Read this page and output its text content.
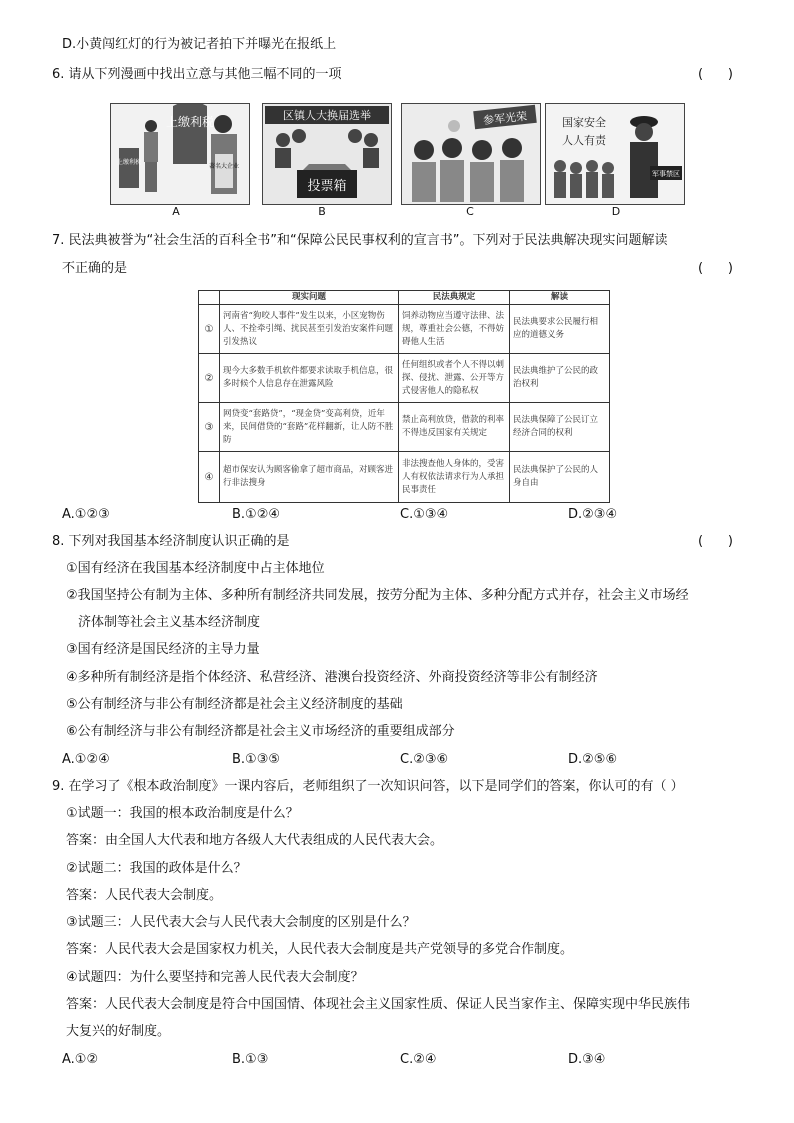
D.小黄闯红灯的行为被记者拍下并曝光在报纸上
6. 请从下列漫画中找出立意与其他三幅不同的一项	(      )
上缴利税
上缴利税
著名大企业
A
区镇人大换届选举
投票箱
B
参军光荣
C
国家安全
人人有责
军事禁区
D
7. 民法典被誉为“社会生活的百科全书”和“保障公民民事权利的宣言书”。下列对于民法典解决现实问题解读
不正确的是	(      )
	现实问题	民法典规定	解读
①	河南省“狗咬人事件”发生以来，小区宠物伤人、不拴牵引绳、扰民甚至引发治安案件问题引发热议	饲养动物应当遵守法律、法规，尊重社会公德，不得妨碍他人生活	民法典要求公民履行相应的道德义务
②	现今大多数手机软件都要求读取手机信息，很多时候个人信息存在泄露风险	任何组织或者个人不得以刺探、侵扰、泄露、公开等方式侵害他人的隐私权	民法典维护了公民的政治权利
③	网贷变“套路贷”，“现金贷”变高利贷，近年来，民间借贷的“套路”花样翻新，让人防不胜防	禁止高利放贷，借款的利率不得违反国家有关规定	民法典保障了公民订立经济合同的权利
④	超市保安认为顾客偷拿了超市商品，对顾客进行非法搜身	非法搜查他人身体的，受害人有权依法请求行为人承担民事责任	民法典保护了公民的人身自由
A.①②③	B.①②④	C.①③④	D.②③④
8. 下列对我国基本经济制度认识正确的是	(      )
①国有经济在我国基本经济制度中占主体地位
②我国坚持公有制为主体、多种所有制经济共同发展，按劳分配为主体、多种分配方式并存，社会主义市场经
济体制等社会主义基本经济制度
③国有经济是国民经济的主导力量
④多种所有制经济是指个体经济、私营经济、港澳台投资经济、外商投资经济等非公有制经济
⑤公有制经济与非公有制经济都是社会主义经济制度的基础
⑥公有制经济与非公有制经济都是社会主义市场经济的重要组成部分
A.①②④	B.①③⑤	C.②③⑥	D.②⑤⑥
9. 在学习了《根本政治制度》一课内容后，老师组织了一次知识问答，以下是同学们的答案，你认可的有（ ）
①试题一：我国的根本政治制度是什么？
答案：由全国人大代表和地方各级人大代表组成的人民代表大会。
②试题二：我国的政体是什么？
答案：人民代表大会制度。
③试题三：人民代表大会与人民代表大会制度的区别是什么？
答案：人民代表大会是国家权力机关，人民代表大会制度是共产党领导的多党合作制度。
④试题四：为什么要坚持和完善人民代表大会制度？
答案：人民代表大会制度是符合中国国情、体现社会主义国家性质、保证人民当家作主、保障实现中华民族伟
大复兴的好制度。
A.①②	B.①③	C.②④	D.③④
